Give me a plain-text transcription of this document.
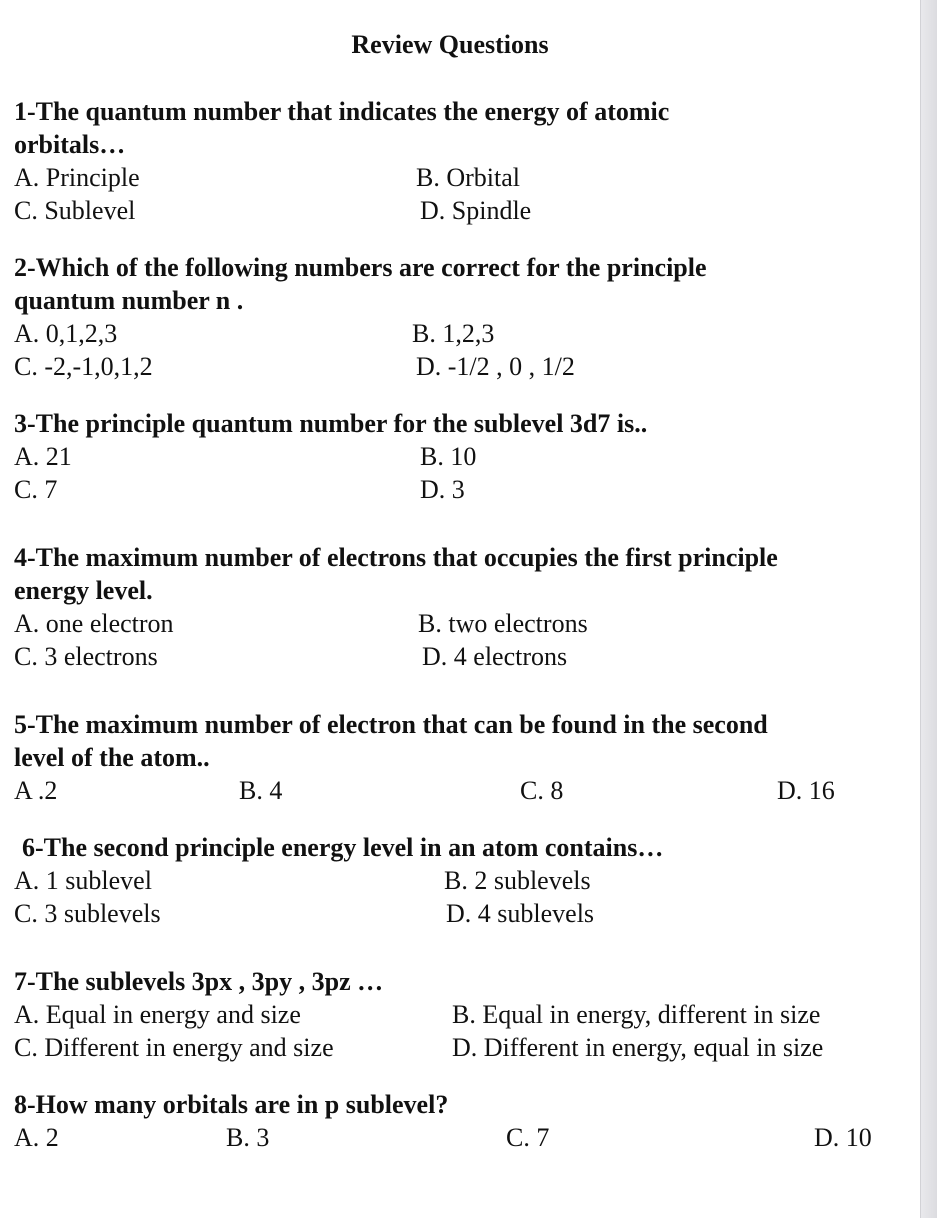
Review Questions
1-The quantum number that indicates the energy of atomic
orbitals…
A. Principle	B. Orbital
C. Sublevel	D. Spindle
2-Which of the following numbers are correct for the principle
quantum number n .
A. 0,1,2,3	B. 1,2,3
C. -2,-1,0,1,2	D. -1/2 , 0 , 1/2
3-The principle quantum number for the sublevel 3d7 is..
A. 21	B. 10
C. 7	D. 3
4-The maximum number of electrons that occupies the first principle
energy level.
A. one electron	B. two electrons
C. 3 electrons	D. 4 electrons
5-The maximum number of electron that can be found in the second
level of the atom..
A .2	B. 4	C. 8	D. 16
6-The second principle energy level in an atom contains…
A. 1 sublevel	B. 2 sublevels
C. 3 sublevels	D. 4 sublevels
7-The sublevels 3px , 3py , 3pz …
A. Equal in energy and size	B. Equal in energy, different in size
C. Different in energy and size	D. Different in energy, equal in size
8-How many orbitals are in p sublevel?
A. 2	B. 3	C. 7	D. 10
